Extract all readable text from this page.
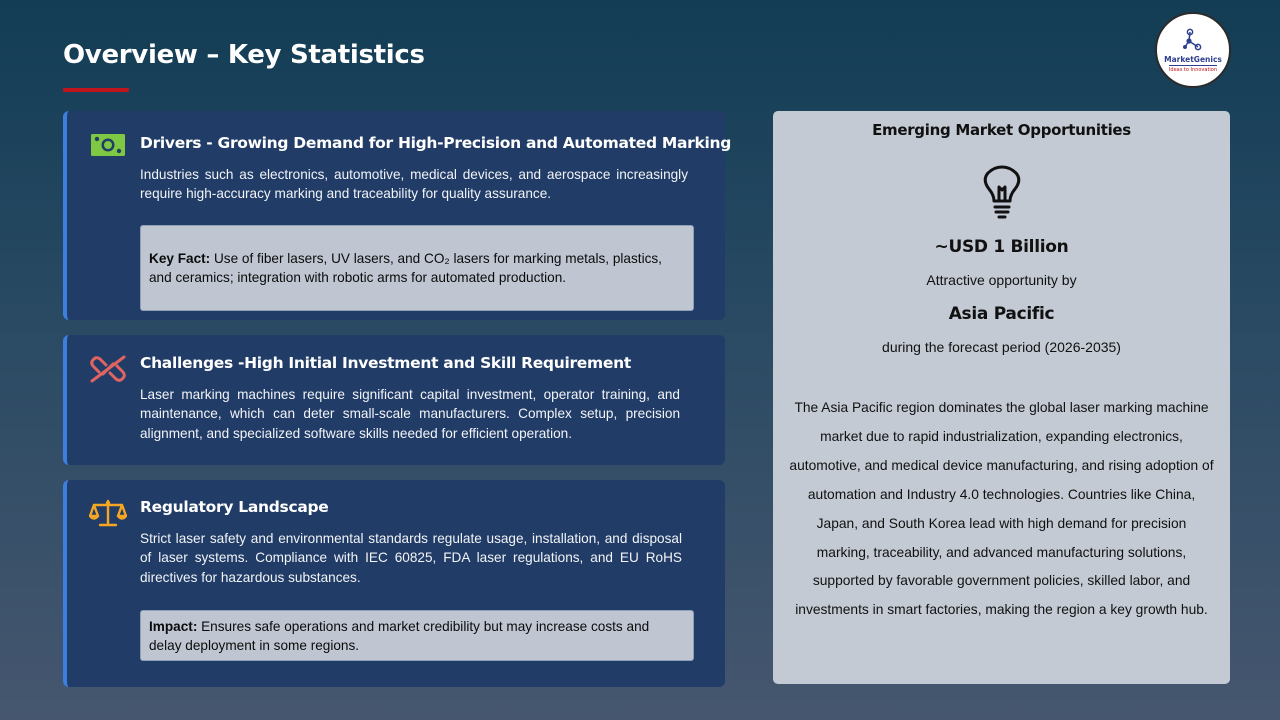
Overview – Key Statistics	MarketGenics
Ideas to Innovation
Drivers - Growing Demand for High-Precision and Automated Marking
Industries such as electronics, automotive, medical devices, and aerospace increasingly require high-accuracy marking and traceability for quality assurance.
Key Fact: Use of fiber lasers, UV lasers, and CO₂ lasers for marking metals, plastics, and ceramics; integration with robotic arms for automated production.
Challenges -High Initial Investment and Skill Requirement
Laser marking machines require significant capital investment, operator training, and maintenance, which can deter small-scale manufacturers. Complex setup, precision alignment, and specialized software skills needed for efficient operation.
Regulatory Landscape
Strict laser safety and environmental standards regulate usage, installation, and disposal of laser systems. Compliance with IEC 60825, FDA laser regulations, and EU RoHS directives for hazardous substances.
Impact: Ensures safe operations and market credibility but may increase costs and delay deployment in some regions.
Emerging Market Opportunities
~USD 1 Billion
Attractive opportunity by
Asia Pacific
during the forecast period (2026-2035)
The Asia Pacific region dominates the global laser marking machine market due to rapid industrialization, expanding electronics, automotive, and medical device manufacturing, and rising adoption of automation and Industry 4.0 technologies. Countries like China, Japan, and South Korea lead with high demand for precision marking, traceability, and advanced manufacturing solutions, supported by favorable government policies, skilled labor, and investments in smart factories, making the region a key growth hub.
